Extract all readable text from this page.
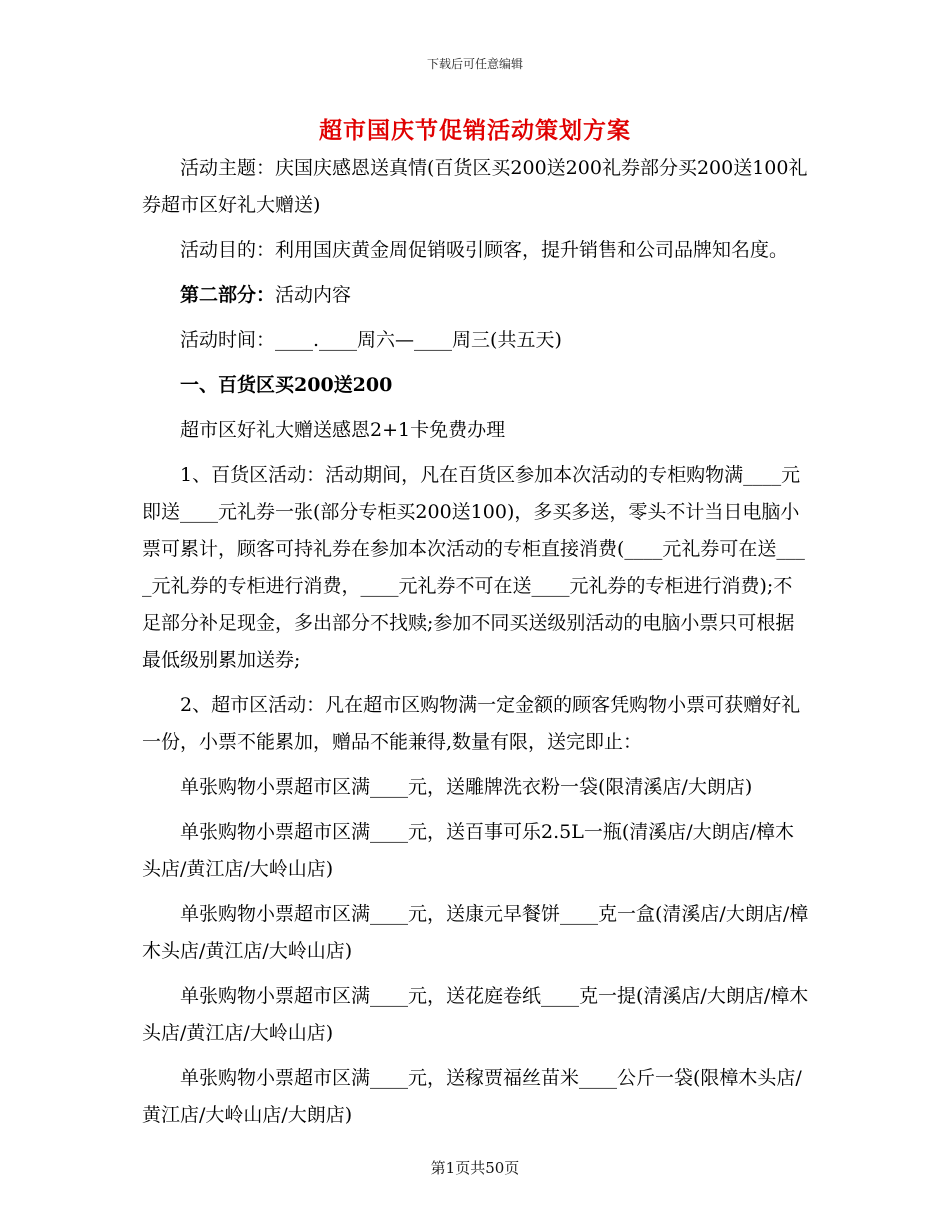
下载后可任意编辑
超市国庆节促销活动策划方案

活动主题：庆国庆感恩送真情(百货区买200送200礼券部分买200送100礼券超市区好礼大赠送)

活动目的：利用国庆黄金周促销吸引顾客，提升销售和公司品牌知名度。

第二部分：活动内容

活动时间：____.____周六—____周三(共五天)

一、百货区买200送200

超市区好礼大赠送感恩2+1卡免费办理

1、百货区活动：活动期间，凡在百货区参加本次活动的专柜购物满____元即送____元礼券一张(部分专柜买200送100)，多买多送，零头不计当日电脑小票可累计，顾客可持礼券在参加本次活动的专柜直接消费(____元礼券可在送____元礼券的专柜进行消费，____元礼券不可在送____元礼券的专柜进行消费);不足部分补足现金，多出部分不找赎;参加不同买送级别活动的电脑小票只可根据最低级别累加送券;

2、超市区活动：凡在超市区购物满一定金额的顾客凭购物小票可获赠好礼一份，小票不能累加，赠品不能兼得,数量有限，送完即止：

单张购物小票超市区满____元，送雕牌洗衣粉一袋(限清溪店/大朗店)

单张购物小票超市区满____元，送百事可乐2.5L一瓶(清溪店/大朗店/樟木头店/黄江店/大岭山店)

单张购物小票超市区满____元，送康元早餐饼____克一盒(清溪店/大朗店/樟木头店/黄江店/大岭山店)

单张购物小票超市区满____元，送花庭卷纸____克一提(清溪店/大朗店/樟木头店/黄江店/大岭山店)

单张购物小票超市区满____元，送稼贾福丝苗米____公斤一袋(限樟木头店/黄江店/大岭山店/大朗店)

第1页共50页
